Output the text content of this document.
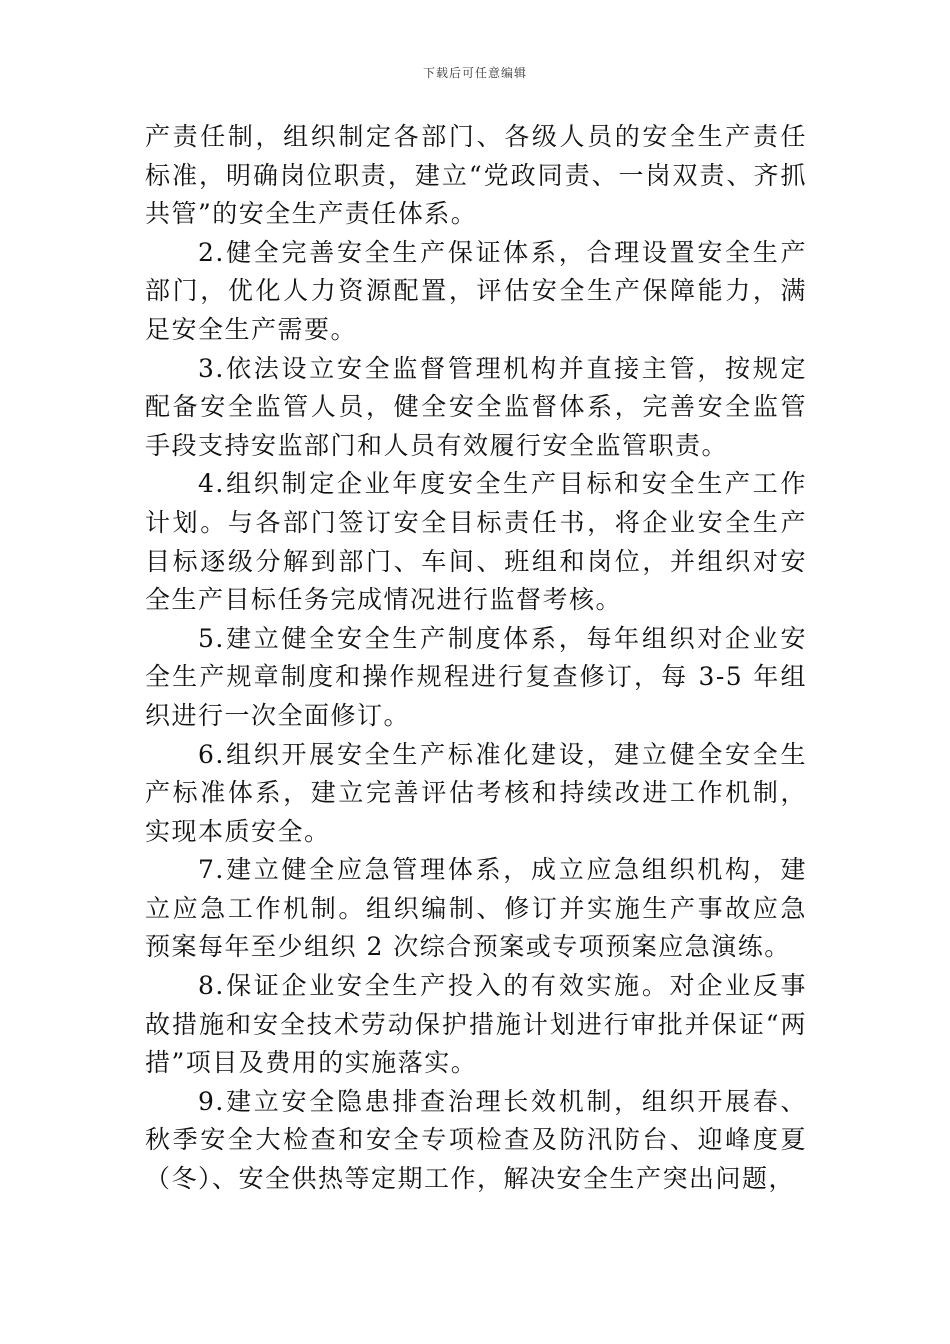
下载后可任意编辑

产责任制，组织制定各部门、各级人员的安全生产责任标准，明确岗位职责，建立“党政同责、一岗双责、齐抓共管”的安全生产责任体系。

2.健全完善安全生产保证体系，合理设置安全生产部门，优化人力资源配置，评估安全生产保障能力，满足安全生产需要。

3.依法设立安全监督管理机构并直接主管，按规定配备安全监管人员，健全安全监督体系，完善安全监管手段支持安监部门和人员有效履行安全监管职责。

4.组织制定企业年度安全生产目标和安全生产工作计划。与各部门签订安全目标责任书，将企业安全生产目标逐级分解到部门、车间、班组和岗位，并组织对安全生产目标任务完成情况进行监督考核。

5.建立健全安全生产制度体系，每年组织对企业安全生产规章制度和操作规程进行复查修订，每 3-5 年组织进行一次全面修订。

6.组织开展安全生产标准化建设，建立健全安全生产标准体系，建立完善评估考核和持续改进工作机制，实现本质安全。

7.建立健全应急管理体系，成立应急组织机构，建立应急工作机制。组织编制、修订并实施生产事故应急预案每年至少组织 2 次综合预案或专项预案应急演练。

8.保证企业安全生产投入的有效实施。对企业反事故措施和安全技术劳动保护措施计划进行审批并保证“两措”项目及费用的实施落实。

9.建立安全隐患排查治理长效机制，组织开展春、秋季安全大检查和安全专项检查及防汛防台、迎峰度夏（冬）、安全供热等定期工作，解决安全生产突出问题，
